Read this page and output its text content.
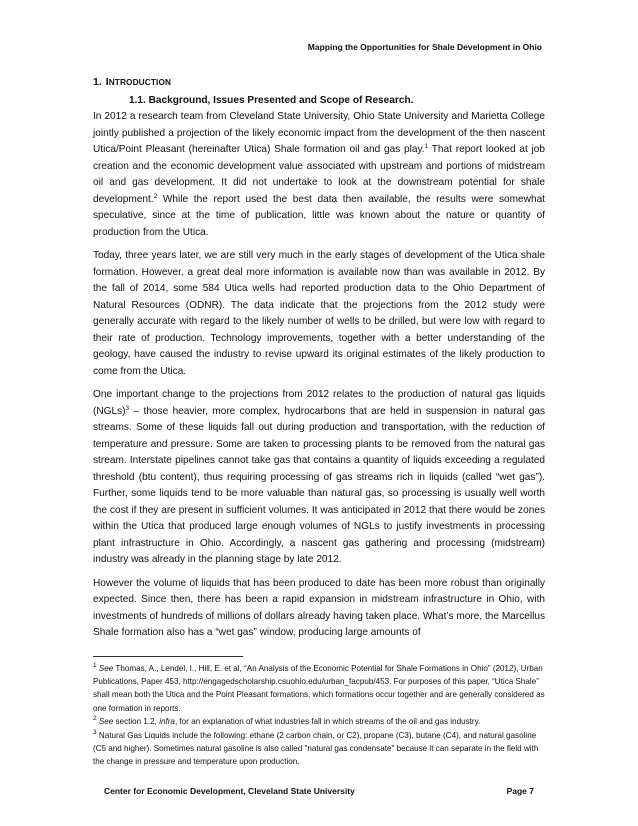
Mapping the Opportunities for Shale Development in Ohio
1. INTRODUCTION
1.1. Background, Issues Presented and Scope of Research.

In 2012 a research team from Cleveland State University, Ohio State University and Marietta College jointly published a projection of the likely economic impact from the development of the then nascent Utica/Point Pleasant (hereinafter Utica) Shale formation oil and gas play.$^1$ That report looked at job creation and the economic development value associated with upstream and portions of midstream oil and gas development. It did not undertake to look at the downstream potential for shale development.$^2$ While the report used the best data then available, the results were somewhat speculative, since at the time of publication, little was known about the nature or quantity of production from the Utica.

Today, three years later, we are still very much in the early stages of development of the Utica shale formation. However, a great deal more information is available now than was available in 2012. By the fall of 2014, some 584 Utica wells had reported production data to the Ohio Department of Natural Resources (ODNR). The data indicate that the projections from the 2012 study were generally accurate with regard to the likely number of wells to be drilled, but were low with regard to their rate of production. Technology improvements, together with a better understanding of the geology, have caused the industry to revise upward its original estimates of the likely production to come from the Utica.

One important change to the projections from 2012 relates to the production of natural gas liquids (NGLs)$^3$ – those heavier, more complex, hydrocarbons that are held in suspension in natural gas streams. Some of these liquids fall out during production and transportation, with the reduction of temperature and pressure. Some are taken to processing plants to be removed from the natural gas stream. Interstate pipelines cannot take gas that contains a quantity of liquids exceeding a regulated threshold (btu content), thus requiring processing of gas streams rich in liquids (called “wet gas”). Further, some liquids tend to be more valuable than natural gas, so processing is usually well worth the cost if they are present in sufficient volumes. It was anticipated in 2012 that there would be zones within the Utica that produced large enough volumes of NGLs to justify investments in processing plant infrastructure in Ohio. Accordingly, a nascent gas gathering and processing (midstream) industry was already in the planning stage by late 2012.

However the volume of liquids that has been produced to date has been more robust than originally expected. Since then, there has been a rapid expansion in midstream infrastructure in Ohio, with investments of hundreds of millions of dollars already having taken place. What’s more, the Marcellus Shale formation also has a “wet gas” window, producing large amounts of

$^1$ See Thomas, A., Lendel, I., Hill, E. et al, “An Analysis of the Economic Potential for Shale Formations in Ohio” (2012), Urban Publications, Paper 453, http://engagedscholarship.csuohio.edu/urban_facpub/453. For purposes of this paper, “Utica Shale” shall mean both the Utica and the Point Pleasant formations, which formations occur together and are generally considered as one formation in reports.

$^2$ See section 1.2, infra, for an explanation of what industries fall in which streams of the oil and gas industry.

$^3$ Natural Gas Liquids include the following: ethane (2 carbon chain, or C2), propane (C3), butane (C4), and natural gasoline (C5 and higher). Sometimes natural gasoline is also called "natural gas condensate" because it can separate in the field with the change in pressure and temperature upon production.

Center for Economic Development, Cleveland State University	Page 7
